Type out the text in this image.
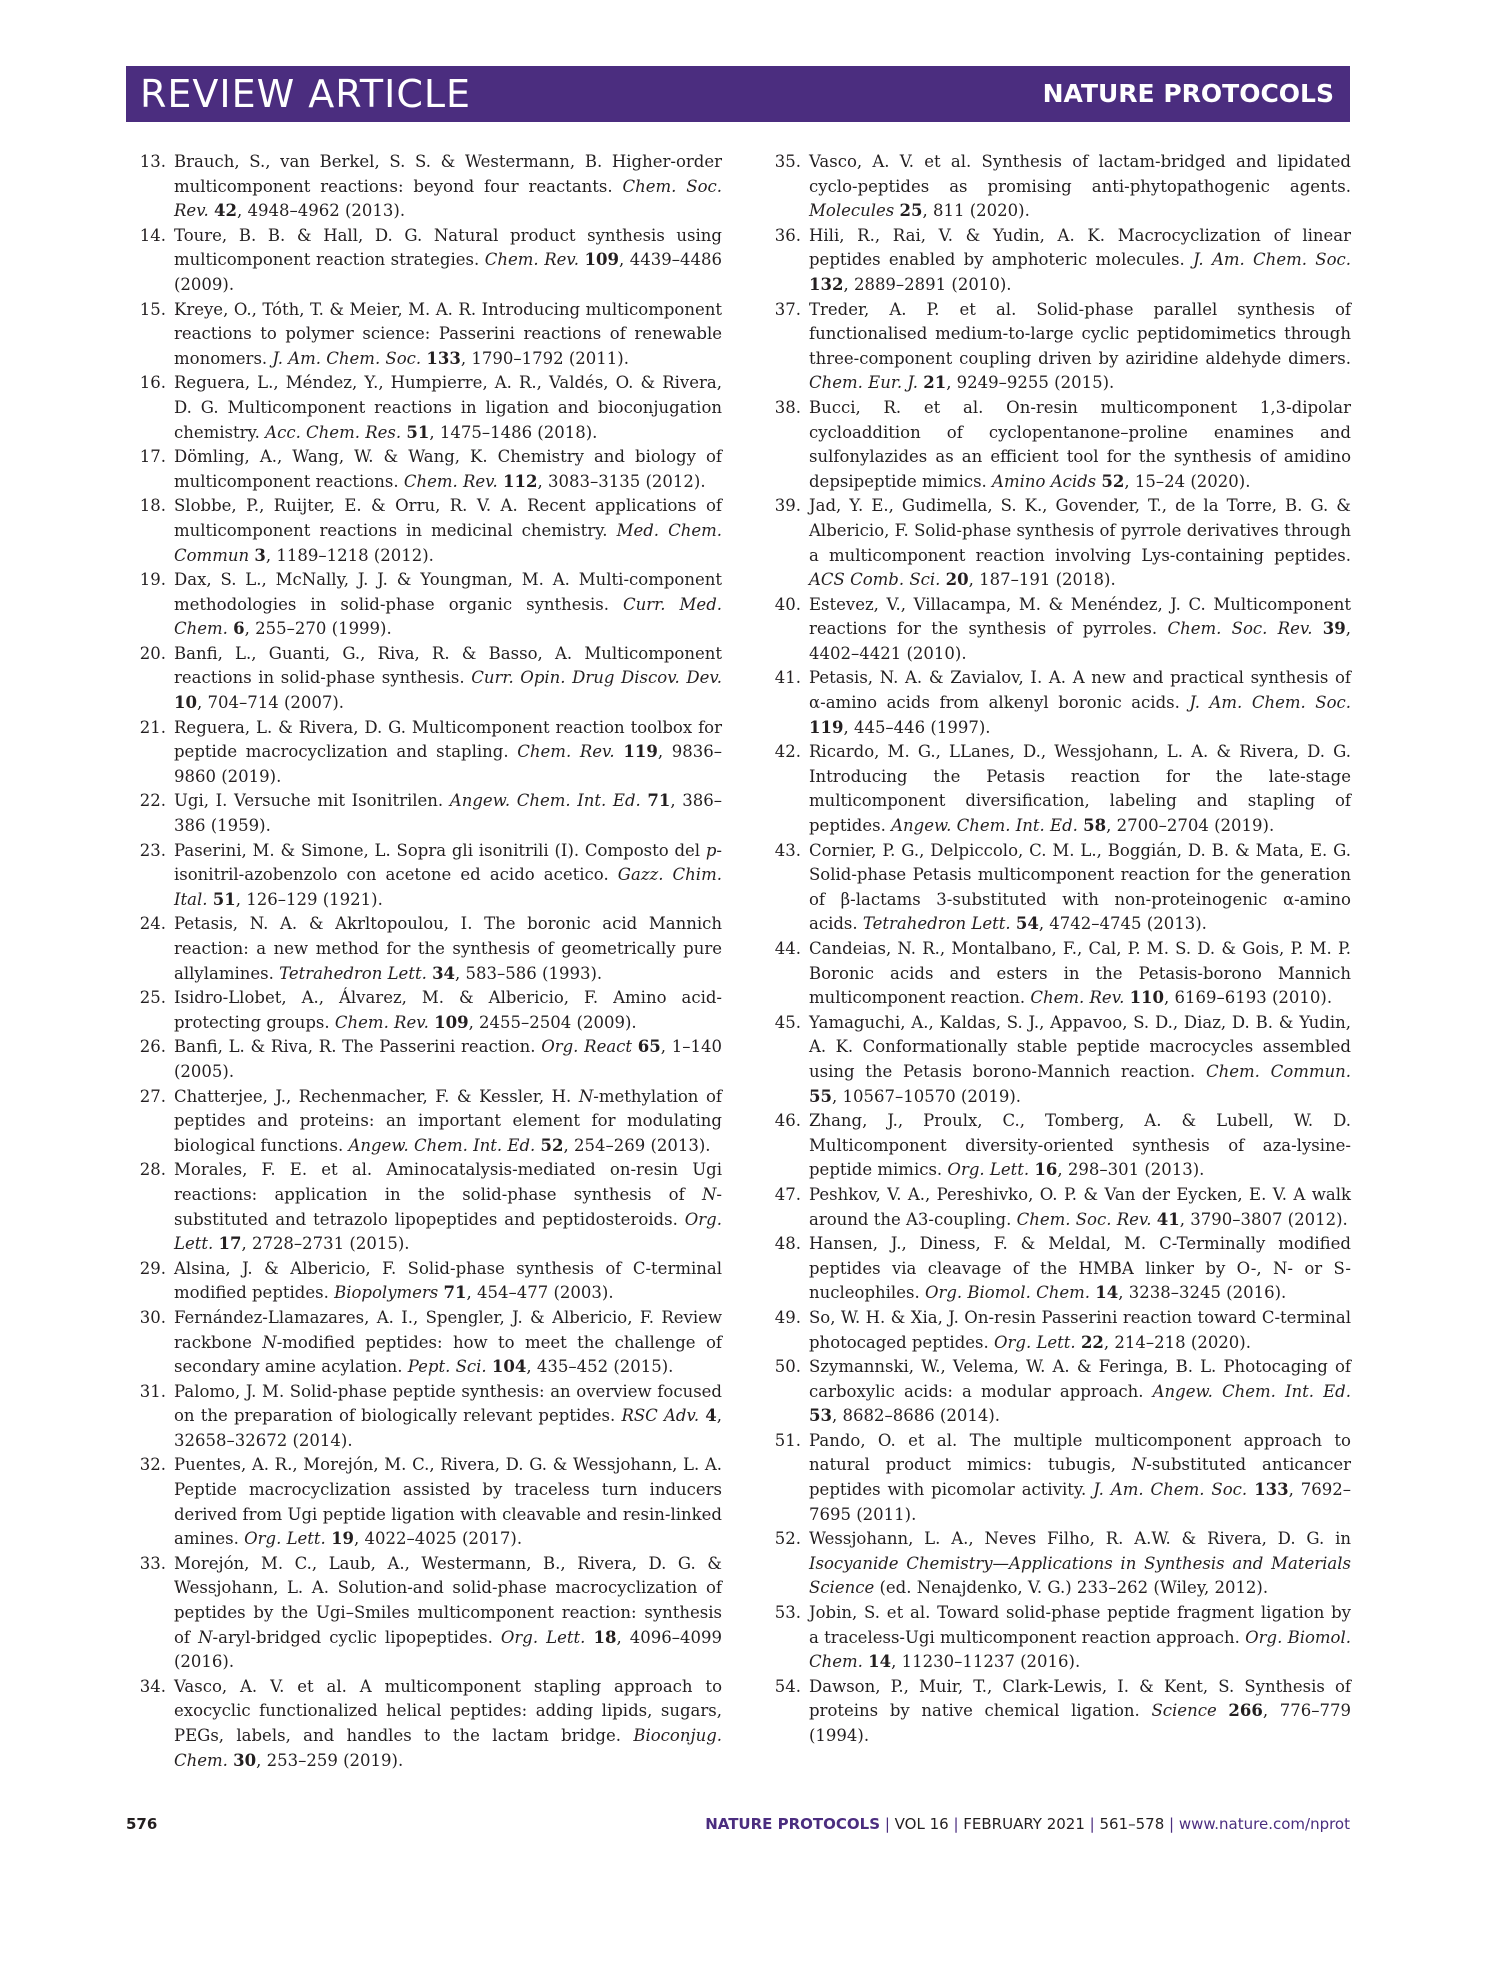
REVIEW ARTICLE	NATURE PROTOCOLS
13. Brauch, S., van Berkel, S. S. & Westermann, B. Higher-order multicomponent reactions: beyond four reactants. Chem. Soc. Rev. 42, 4948–4962 (2013).
14. Toure, B. B. & Hall, D. G. Natural product synthesis using multicomponent reaction strategies. Chem. Rev. 109, 4439–4486 (2009).
15. Kreye, O., Tóth, T. & Meier, M. A. R. Introducing multicomponent reactions to polymer science: Passerini reactions of renewable monomers. J. Am. Chem. Soc. 133, 1790–1792 (2011).
16. Reguera, L., Méndez, Y., Humpierre, A. R., Valdés, O. & Rivera, D. G. Multicomponent reactions in ligation and bioconjugation chemistry. Acc. Chem. Res. 51, 1475–1486 (2018).
17. Dömling, A., Wang, W. & Wang, K. Chemistry and biology of multicomponent reactions. Chem. Rev. 112, 3083–3135 (2012).
18. Slobbe, P., Ruijter, E. & Orru, R. V. A. Recent applications of multicomponent reactions in medicinal chemistry. Med. Chem. Commun 3, 1189–1218 (2012).
19. Dax, S. L., McNally, J. J. & Youngman, M. A. Multi-component methodologies in solid-phase organic synthesis. Curr. Med. Chem. 6, 255–270 (1999).
20. Banfi, L., Guanti, G., Riva, R. & Basso, A. Multicomponent reactions in solid-phase synthesis. Curr. Opin. Drug Discov. Dev. 10, 704–714 (2007).
21. Reguera, L. & Rivera, D. G. Multicomponent reaction toolbox for peptide macrocyclization and stapling. Chem. Rev. 119, 9836–9860 (2019).
22. Ugi, I. Versuche mit Isonitrilen. Angew. Chem. Int. Ed. 71, 386–386 (1959).
23. Paserini, M. & Simone, L. Sopra gli isonitrili (I). Composto del p-isonitril-azobenzolo con acetone ed acido acetico. Gazz. Chim. Ital. 51, 126–129 (1921).
24. Petasis, N. A. & Akrltopoulou, I. The boronic acid Mannich reaction: a new method for the synthesis of geometrically pure allylamines. Tetrahedron Lett. 34, 583–586 (1993).
25. Isidro-Llobet, A., Álvarez, M. & Albericio, F. Amino acid-protecting groups. Chem. Rev. 109, 2455–2504 (2009).
26. Banfi, L. & Riva, R. The Passerini reaction. Org. React 65, 1–140 (2005).
27. Chatterjee, J., Rechenmacher, F. & Kessler, H. N-methylation of peptides and proteins: an important element for modulating biological functions. Angew. Chem. Int. Ed. 52, 254–269 (2013).
28. Morales, F. E. et al. Aminocatalysis-mediated on-resin Ugi reactions: application in the solid-phase synthesis of N-substituted and tetrazolo lipopeptides and peptidosteroids. Org. Lett. 17, 2728–2731 (2015).
29. Alsina, J. & Albericio, F. Solid-phase synthesis of C-terminal modified peptides. Biopolymers 71, 454–477 (2003).
30. Fernández-Llamazares, A. I., Spengler, J. & Albericio, F. Review rackbone N-modified peptides: how to meet the challenge of secondary amine acylation. Pept. Sci. 104, 435–452 (2015).
31. Palomo, J. M. Solid-phase peptide synthesis: an overview focused on the preparation of biologically relevant peptides. RSC Adv. 4, 32658–32672 (2014).
32. Puentes, A. R., Morejón, M. C., Rivera, D. G. & Wessjohann, L. A. Peptide macrocyclization assisted by traceless turn inducers derived from Ugi peptide ligation with cleavable and resin-linked amines. Org. Lett. 19, 4022–4025 (2017).
33. Morejón, M. C., Laub, A., Westermann, B., Rivera, D. G. & Wessjohann, L. A. Solution-and solid-phase macrocyclization of peptides by the Ugi–Smiles multicomponent reaction: synthesis of N-aryl-bridged cyclic lipopeptides. Org. Lett. 18, 4096–4099 (2016).
34. Vasco, A. V. et al. A multicomponent stapling approach to exocyclic functionalized helical peptides: adding lipids, sugars, PEGs, labels, and handles to the lactam bridge. Bioconjug. Chem. 30, 253–259 (2019).
35. Vasco, A. V. et al. Synthesis of lactam-bridged and lipidated cyclo-peptides as promising anti-phytopathogenic agents. Molecules 25, 811 (2020).
36. Hili, R., Rai, V. & Yudin, A. K. Macrocyclization of linear peptides enabled by amphoteric molecules. J. Am. Chem. Soc. 132, 2889–2891 (2010).
37. Treder, A. P. et al. Solid-phase parallel synthesis of functionalised medium-to-large cyclic peptidomimetics through three-component coupling driven by aziridine aldehyde dimers. Chem. Eur. J. 21, 9249–9255 (2015).
38. Bucci, R. et al. On-resin multicomponent 1,3-dipolar cycloaddition of cyclopentanone–proline enamines and sulfonylazides as an efficient tool for the synthesis of amidino depsipeptide mimics. Amino Acids 52, 15–24 (2020).
39. Jad, Y. E., Gudimella, S. K., Govender, T., de la Torre, B. G. & Albericio, F. Solid-phase synthesis of pyrrole derivatives through a multicomponent reaction involving Lys-containing peptides. ACS Comb. Sci. 20, 187–191 (2018).
40. Estevez, V., Villacampa, M. & Menéndez, J. C. Multicomponent reactions for the synthesis of pyrroles. Chem. Soc. Rev. 39, 4402–4421 (2010).
41. Petasis, N. A. & Zavialov, I. A. A new and practical synthesis of α-amino acids from alkenyl boronic acids. J. Am. Chem. Soc. 119, 445–446 (1997).
42. Ricardo, M. G., LLanes, D., Wessjohann, L. A. & Rivera, D. G. Introducing the Petasis reaction for the late-stage multicomponent diversification, labeling and stapling of peptides. Angew. Chem. Int. Ed. 58, 2700–2704 (2019).
43. Cornier, P. G., Delpiccolo, C. M. L., Boggián, D. B. & Mata, E. G. Solid-phase Petasis multicomponent reaction for the generation of β-lactams 3-substituted with non-proteinogenic α-amino acids. Tetrahedron Lett. 54, 4742–4745 (2013).
44. Candeias, N. R., Montalbano, F., Cal, P. M. S. D. & Gois, P. M. P. Boronic acids and esters in the Petasis-borono Mannich multicomponent reaction. Chem. Rev. 110, 6169–6193 (2010).
45. Yamaguchi, A., Kaldas, S. J., Appavoo, S. D., Diaz, D. B. & Yudin, A. K. Conformationally stable peptide macrocycles assembled using the Petasis borono-Mannich reaction. Chem. Commun. 55, 10567–10570 (2019).
46. Zhang, J., Proulx, C., Tomberg, A. & Lubell, W. D. Multicomponent diversity-oriented synthesis of aza-lysine-peptide mimics. Org. Lett. 16, 298–301 (2013).
47. Peshkov, V. A., Pereshivko, O. P. & Van der Eycken, E. V. A walk around the A3-coupling. Chem. Soc. Rev. 41, 3790–3807 (2012).
48. Hansen, J., Diness, F. & Meldal, M. C-Terminally modified peptides via cleavage of the HMBA linker by O-, N- or S-nucleophiles. Org. Biomol. Chem. 14, 3238–3245 (2016).
49. So, W. H. & Xia, J. On-resin Passerini reaction toward C-terminal photocaged peptides. Org. Lett. 22, 214–218 (2020).
50. Szymannski, W., Velema, W. A. & Feringa, B. L. Photocaging of carboxylic acids: a modular approach. Angew. Chem. Int. Ed. 53, 8682–8686 (2014).
51. Pando, O. et al. The multiple multicomponent approach to natural product mimics: tubugis, N-substituted anticancer peptides with picomolar activity. J. Am. Chem. Soc. 133, 7692–7695 (2011).
52. Wessjohann, L. A., Neves Filho, R. A.W. & Rivera, D. G. in Isocyanide Chemistry—Applications in Synthesis and Materials Science (ed. Nenajdenko, V. G.) 233–262 (Wiley, 2012).
53. Jobin, S. et al. Toward solid-phase peptide fragment ligation by a traceless-Ugi multicomponent reaction approach. Org. Biomol. Chem. 14, 11230–11237 (2016).
54. Dawson, P., Muir, T., Clark-Lewis, I. & Kent, S. Synthesis of proteins by native chemical ligation. Science 266, 776–779 (1994).
576	NATURE PROTOCOLS | VOL 16 | FEBRUARY 2021 | 561–578 | www.nature.com/nprot
